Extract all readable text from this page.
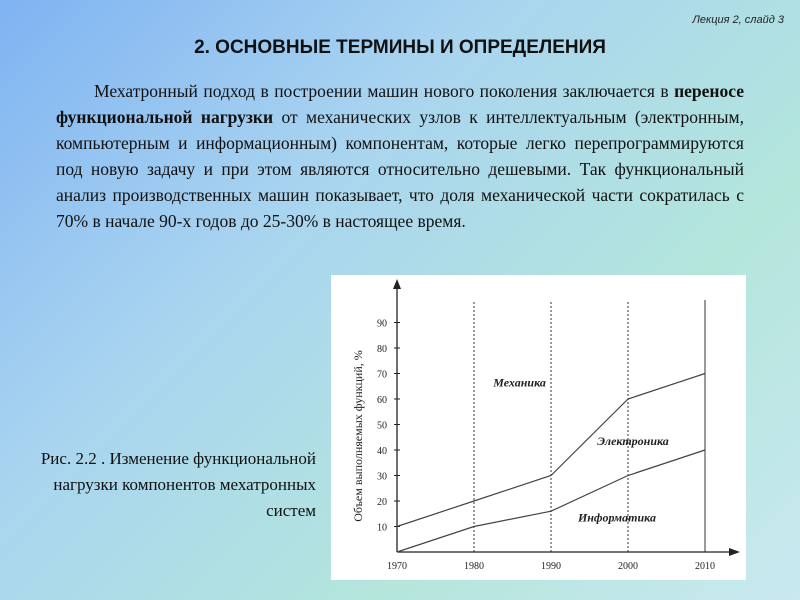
Лекция 2, слайд 3
2. ОСНОВНЫЕ ТЕРМИНЫ И ОПРЕДЕЛЕНИЯ

Мехатронный подход в построении машин нового поколения заключается в переносе функциональной нагрузки от механических узлов к интеллектуальным (электронным, компьютерным и информационным) компонентам, которые легко перепрограммируются под новую задачу и при этом являются относительно дешевыми. Так функциональный анализ производственных машин показывает, что доля механической части сократилась с 70% в начале 90-х годов до 25-30% в настоящее время.

Рис. 2.2 . Изменение функциональной нагрузки компонентов мехатронных систем
10
20
30
40
50
60
70
80
90
1970	1980	1990	2000	2010
Объем выполняемых функций, %	Механика
Электроника
Информатика
